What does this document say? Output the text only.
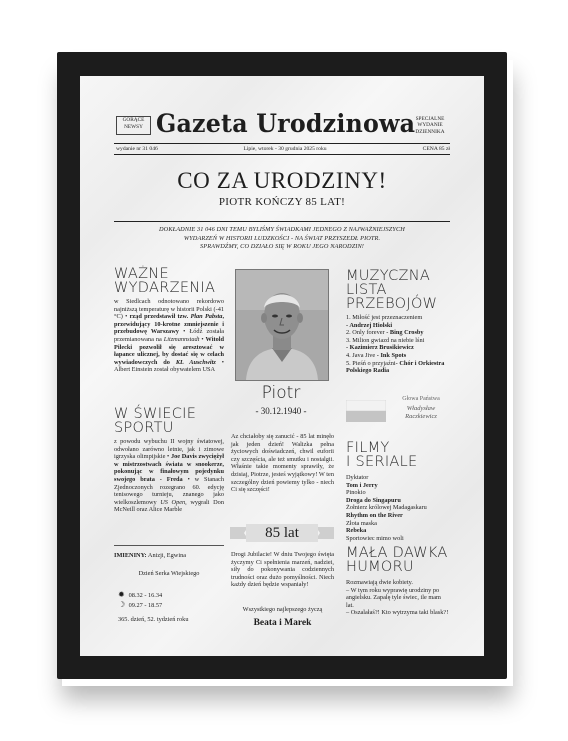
GORĄCE
NEWSY Gazeta Urodzinowa SPECJALNE
WYDANIE
DZIENNIKA
wydanie nr 31 046	Lipie, wtorek - 30 grudnia 2025 roku	CENA 85 zł
CO ZA URODZINY!
PIOTR KOŃCZY 85 LAT!
DOKŁADNIE 31 046 DNI TEMU BYLIŚMY ŚWIADKAMI JEDNEGO Z NAJWAŻNIEJSZYCH
WYDARZEŃ W HISTORII LUDZKOŚCI - NA ŚWIAT PRZYSZEDŁ PIOTR.
SPRAWDŹMY, CO DZIAŁO SIĘ W ROKU JEGO NARODZIN!
WAŻNE
WYDARZENIA
w Siedlcach odnotowano rekordowo najniższą temperaturę w historii Polski (-41 °C) • rząd przedstawił tzw. Plan Pabsta, przewidujący 10-krotne zmniejszenie i przebudowę Warszawy • Łódź została przemianowana na Litzmannstadt • Witold Pilecki pozwolił się aresztować w łapance ulicznej, by dostać się w celach wywiadowczych do KL Auschwitz • Albert Einstein został obywatelem USA
W ŚWIECIE
SPORTU
z powodu wybuchu II wojny światowej, odwołano zarówno letnie, jak i zimowe igrzyska olimpijskie • Joe Davis zwyciężył w mistrzostwach świata w snookerze, pokonując w finałowym pojedynku swojego brata - Freda • w Stanach Zjednoczonych rozegrano 60. edycję tenisowego turnieju, znanego jako wielkoszlemowy US Open, wygrali Don McNeill oraz Alice Marble
IMIENINY: Anizji, Egwina
Dzień Serka Wiejskiego
✹ 08.32 - 16.34
☽ 09.27 - 18.57
365. dzień, 52. tydzień roku
Piotr
- 30.12.1940 -
Az chciałoby się zanucić - 85 lat minęło jak jeden dzień! Walizka pełna życiowych doświadczeń, chwil euforii czy szczęścia, ale też smutku i nostalgii. Właśnie takie momenty sprawiły, że dzisiaj, Piotrze, jesteś wyjątkowy! W ten szczególny dzień powiemy tylko - niech Ci się szczęści!
85 lat
Drogi Jubilacie! W dniu Twojego święta życzymy Ci spełnienia marzeń, nadziei, siły do pokonywania codziennych trudności oraz dużo pomyślności. Niech każdy dzień będzie wspaniały!
Wszystkiego najlepszego życzą
Beata i Marek
MUZYCZNA
LISTA
PRZEBOJÓW
1. Miłość jest przeznaczeniem
- Andrzej Hiolski
2. Only forever - Bing Crosby
3. Milion gwiazd na niebie lśni
- Kazimierz Brusikiewicz
4. Java Jive - Ink Spots
5. Pieśń o przyjaźni- Chór i Orkiestra Polskiego Radia
Głowa Państwa
Władysław
Raczkiewicz
FILMY
I SERIALE
Dyktator
Tom i Jerry
Pinokio
Droga do Singapuru
Żołnierz królowej Madagaskaru
Rhythm on the River
Złota maska
Rebeka
Sportowiec mimo woli
MAŁA DAWKA
HUMORU
Rozmawiają dwie kobiety.
– W tym roku wyprawię urodziny po angielsku. Zapalę tyle świec, ile mam lat.
– Oszalałaś?! Kto wytrzyma taki blask?!
